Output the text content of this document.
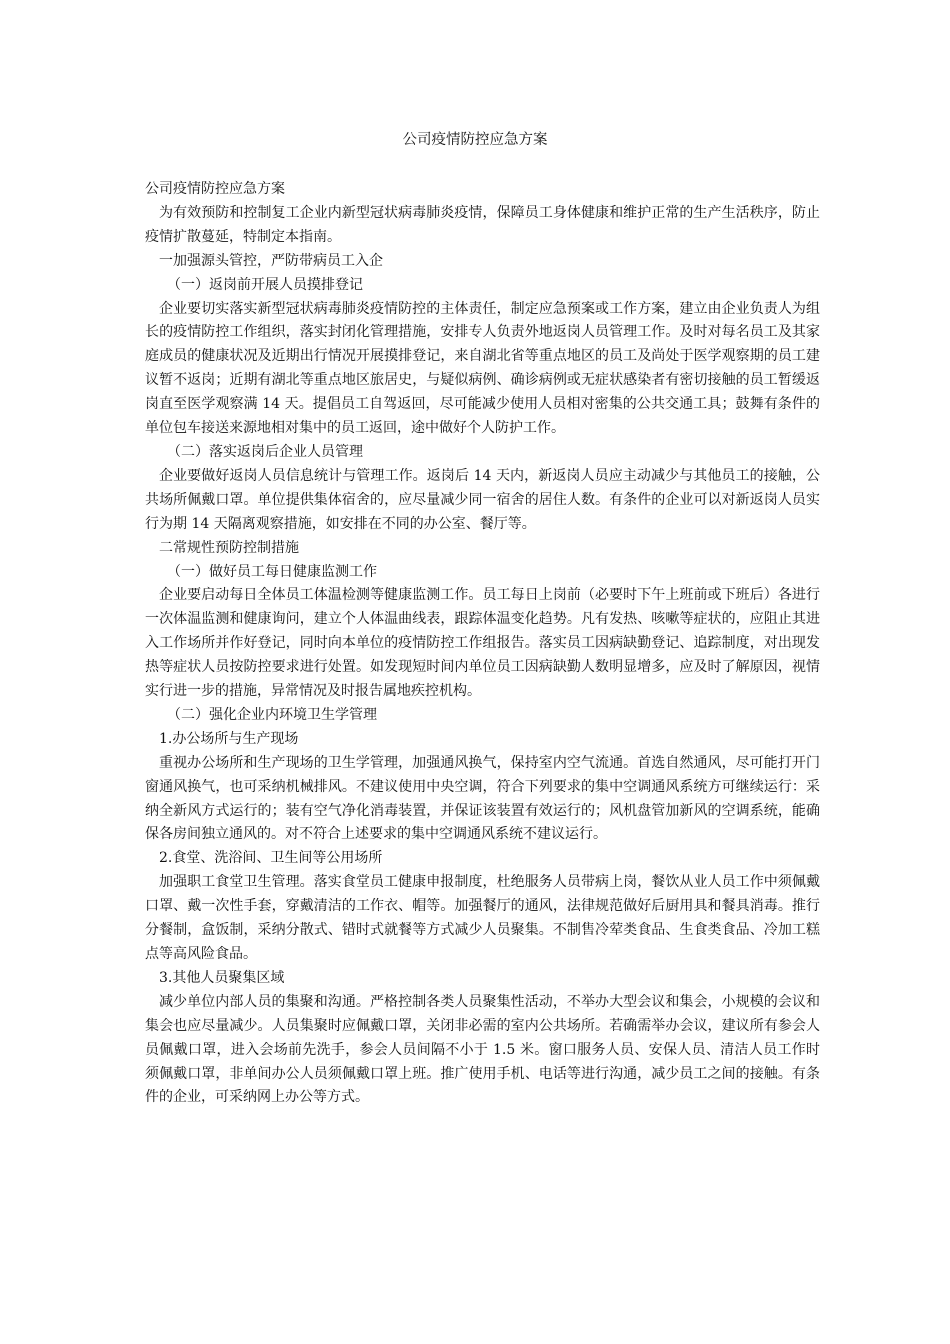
公司疫情防控应急方案

公司疫情防控应急方案

为有效预防和控制复工企业内新型冠状病毒肺炎疫情，保障员工身体健康和维护正常的生产生活秩序，防止疫情扩散蔓延，特制定本指南。

一加强源头管控，严防带病员工入企

（一）返岗前开展人员摸排登记

企业要切实落实新型冠状病毒肺炎疫情防控的主体责任，制定应急预案或工作方案，建立由企业负责人为组长的疫情防控工作组织，落实封闭化管理措施，安排专人负责外地返岗人员管理工作。及时对每名员工及其家庭成员的健康状况及近期出行情况开展摸排登记，来自湖北省等重点地区的员工及尚处于医学观察期的员工建议暂不返岗；近期有湖北等重点地区旅居史，与疑似病例、确诊病例或无症状感染者有密切接触的员工暂缓返岗直至医学观察满 14 天。提倡员工自驾返回，尽可能减少使用人员相对密集的公共交通工具；鼓舞有条件的单位包车接送来源地相对集中的员工返回，途中做好个人防护工作。

（二）落实返岗后企业人员管理

企业要做好返岗人员信息统计与管理工作。返岗后 14 天内，新返岗人员应主动减少与其他员工的接触，公共场所佩戴口罩。单位提供集体宿舍的，应尽量减少同一宿舍的居住人数。有条件的企业可以对新返岗人员实行为期 14 天隔离观察措施，如安排在不同的办公室、餐厅等。

二常规性预防控制措施

（一）做好员工每日健康监测工作

企业要启动每日全体员工体温检测等健康监测工作。员工每日上岗前（必要时下午上班前或下班后）各进行一次体温监测和健康询问，建立个人体温曲线表，跟踪体温变化趋势。凡有发热、咳嗽等症状的，应阻止其进入工作场所并作好登记，同时向本单位的疫情防控工作组报告。落实员工因病缺勤登记、追踪制度，对出现发热等症状人员按防控要求进行处置。如发现短时间内单位员工因病缺勤人数明显增多，应及时了解原因，视情实行进一步的措施，异常情况及时报告属地疾控机构。

（二）强化企业内环境卫生学管理

1.办公场所与生产现场

重视办公场所和生产现场的卫生学管理，加强通风换气，保持室内空气流通。首选自然通风，尽可能打开门窗通风换气，也可采纳机械排风。不建议使用中央空调，符合下列要求的集中空调通风系统方可继续运行：采纳全新风方式运行的；装有空气净化消毒装置，并保证该装置有效运行的；风机盘管加新风的空调系统，能确保各房间独立通风的。对不符合上述要求的集中空调通风系统不建议运行。

2.食堂、洗浴间、卫生间等公用场所

加强职工食堂卫生管理。落实食堂员工健康申报制度，杜绝服务人员带病上岗，餐饮从业人员工作中须佩戴口罩、戴一次性手套，穿戴清洁的工作衣、帽等。加强餐厅的通风，法律规范做好后厨用具和餐具消毒。推行分餐制，盒饭制，采纳分散式、错时式就餐等方式减少人员聚集。不制售冷荤类食品、生食类食品、冷加工糕点等高风险食品。

3.其他人员聚集区域

减少单位内部人员的集聚和沟通。严格控制各类人员聚集性活动，不举办大型会议和集会，小规模的会议和集会也应尽量减少。人员集聚时应佩戴口罩，关闭非必需的室内公共场所。若确需举办会议，建议所有参会人员佩戴口罩，进入会场前先洗手，参会人员间隔不小于 1.5 米。窗口服务人员、安保人员、清洁人员工作时须佩戴口罩，非单间办公人员须佩戴口罩上班。推广使用手机、电话等进行沟通，减少员工之间的接触。有条件的企业，可采纳网上办公等方式。
